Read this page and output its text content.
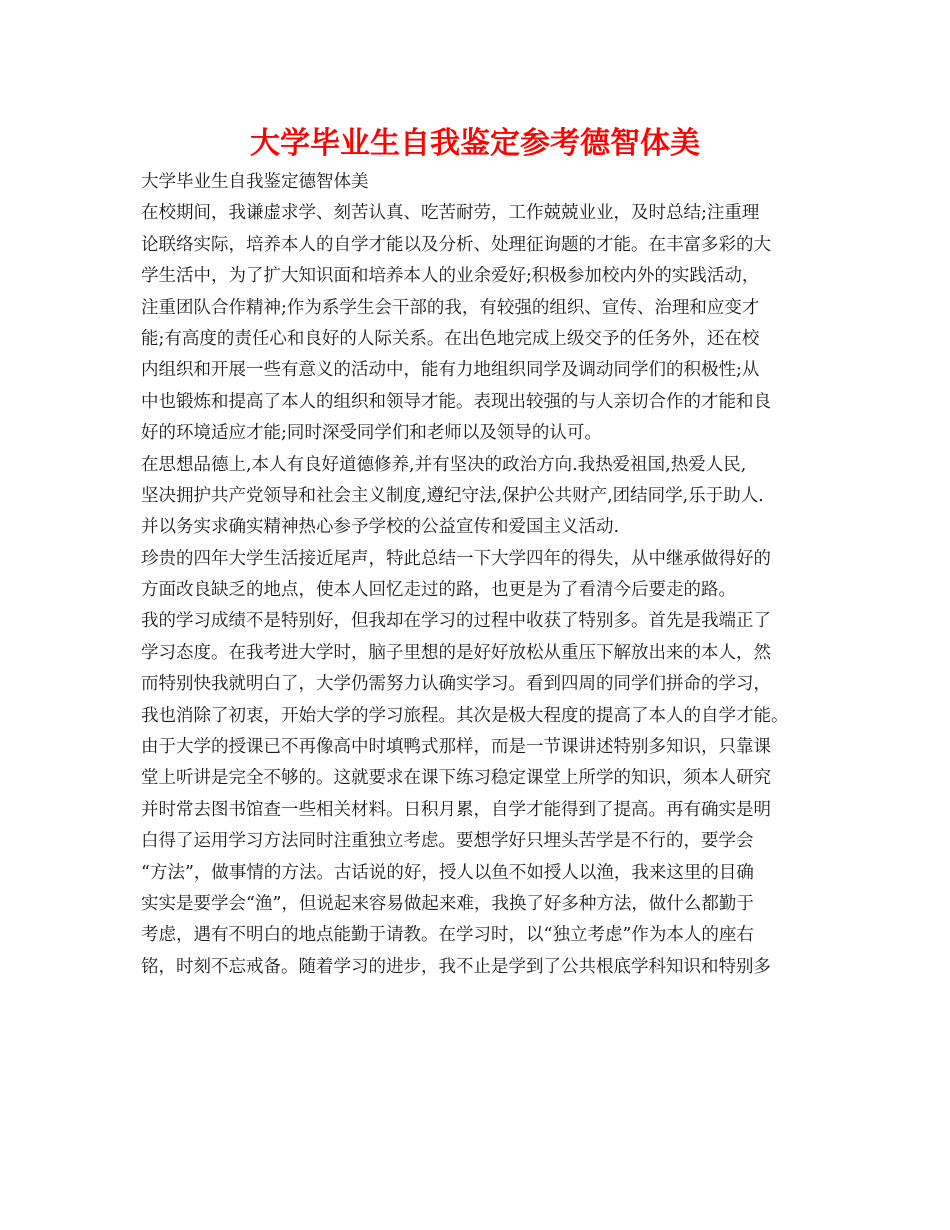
大学毕业生自我鉴定参考德智体美
大学毕业生自我鉴定德智体美
在校期间，我谦虚求学、刻苦认真、吃苦耐劳，工作兢兢业业，及时总结;注重理
论联络实际，培养本人的自学才能以及分析、处理征询题的才能。在丰富多彩的大
学生活中，为了扩大知识面和培养本人的业余爱好;积极参加校内外的实践活动，
注重团队合作精神;作为系学生会干部的我，有较强的组织、宣传、治理和应变才
能;有高度的责任心和良好的人际关系。在出色地完成上级交予的任务外，还在校
内组织和开展一些有意义的活动中，能有力地组织同学及调动同学们的积极性;从
中也锻炼和提高了本人的组织和领导才能。表现出较强的与人亲切合作的才能和良
好的环境适应才能;同时深受同学们和老师以及领导的认可。
在思想品德上,本人有良好道德修养,并有坚决的政治方向.我热爱祖国,热爱人民,
坚决拥护共产党领导和社会主义制度,遵纪守法,保护公共财产,团结同学,乐于助人.
并以务实求确实精神热心参予学校的公益宣传和爱国主义活动.
珍贵的四年大学生活接近尾声，特此总结一下大学四年的得失，从中继承做得好的
方面改良缺乏的地点，使本人回忆走过的路，也更是为了看清今后要走的路。
我的学习成绩不是特别好，但我却在学习的过程中收获了特别多。首先是我端正了
学习态度。在我考进大学时，脑子里想的是好好放松从重压下解放出来的本人，然
而特别快我就明白了，大学仍需努力认确实学习。看到四周的同学们拼命的学习，
我也消除了初衷，开始大学的学习旅程。其次是极大程度的提高了本人的自学才能。
由于大学的授课已不再像高中时填鸭式那样，而是一节课讲述特别多知识，只靠课
堂上听讲是完全不够的。这就要求在课下练习稳定课堂上所学的知识，须本人研究
并时常去图书馆查一些相关材料。日积月累，自学才能得到了提高。再有确实是明
白得了运用学习方法同时注重独立考虑。要想学好只埋头苦学是不行的，要学会
“方法”，做事情的方法。古话说的好，授人以鱼不如授人以渔，我来这里的目确
实实是要学会“渔”，但说起来容易做起来难，我换了好多种方法，做什么都勤于
考虑，遇有不明白的地点能勤于请教。在学习时，以“独立考虑”作为本人的座右
铭，时刻不忘戒备。随着学习的进步，我不止是学到了公共根底学科知识和特别多
